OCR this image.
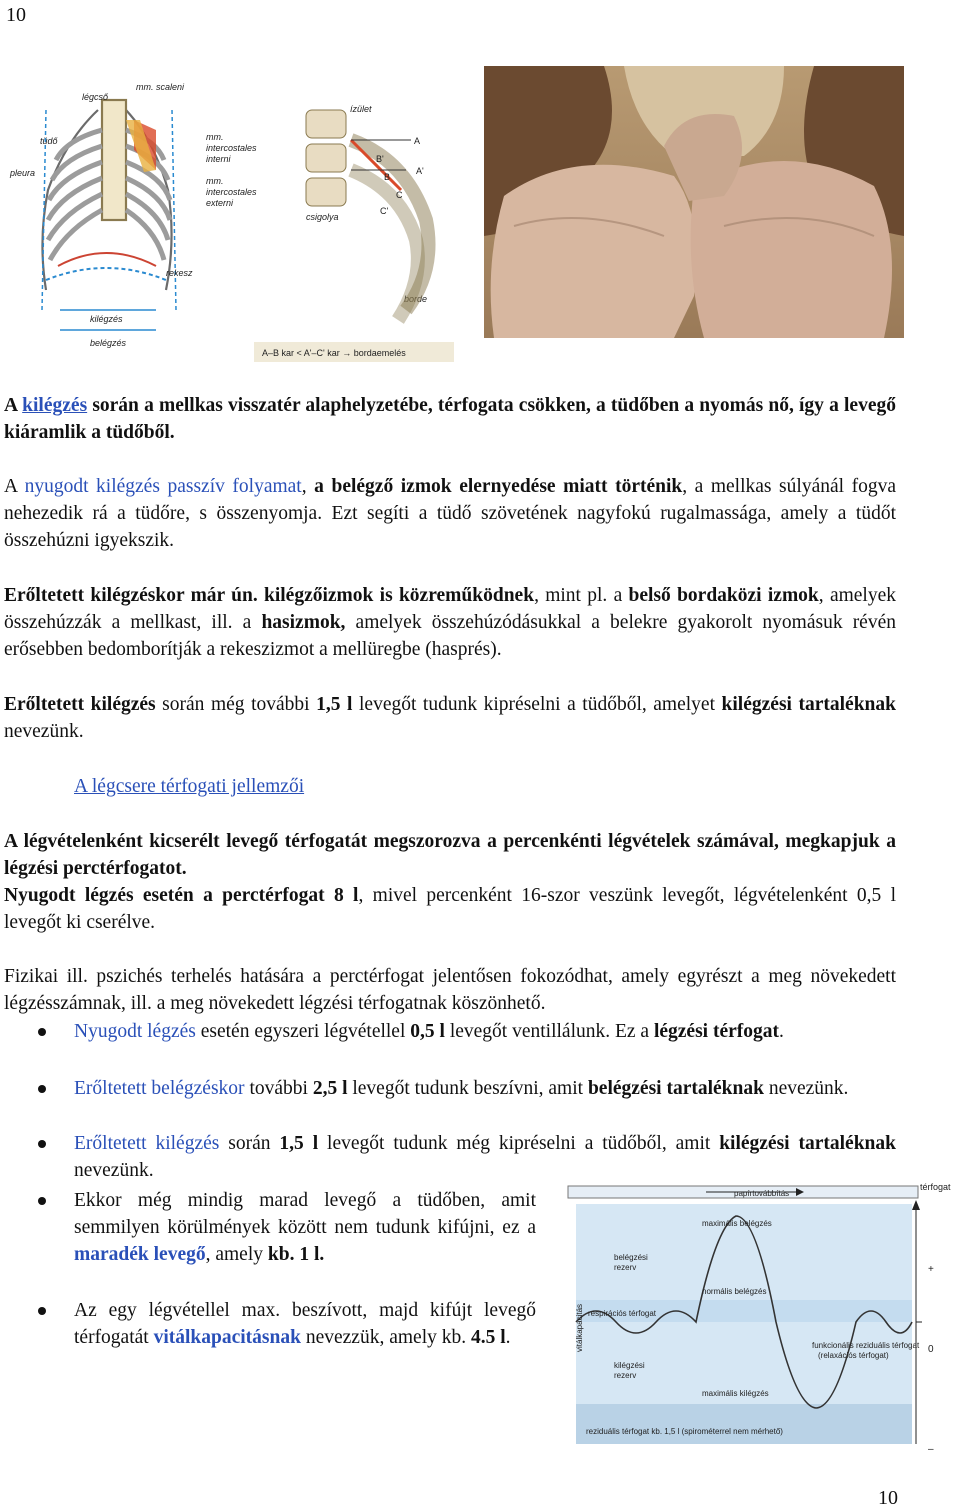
10
légcső
mm. scaleni
tüdő	mm.
intercostales
interni
pleura
mm.
intercostales
externi
rekesz
kilégzés
belégzés
ízület
csigolya
borde
A
B'
B
A'
C
C'
A–B kar < A'–C' kar → bordaemelés
A kilégzés során a mellkas visszatér alaphelyzetébe, térfogata csökken, a tüdőben a nyomás nő, így a levegő kiáramlik a tüdőből.
A nyugodt kilégzés passzív folyamat, a belégző izmok elernyedése miatt történik, a mellkas súlyánál fogva nehezedik rá a tüdőre, s összenyomja. Ezt segíti a tüdő szövetének nagyfokú rugalmassága, amely a tüdőt összehúzni igyekszik.
Erőltetett kilégzéskor már ún. kilégzőizmok is közreműködnek, mint pl. a belső bordaközi izmok, amelyek összehúzzák a mellkast, ill. a hasizmok, amelyek összehúzódásukkal a belekre gyakorolt nyomásuk révén erősebben bedomborítják a rekeszizmot a mellüregbe (hasprés).
Erőltetett kilégzés során még további 1,5 l levegőt tudunk kipréselni a tüdőből, amelyet kilégzési tartaléknak nevezünk.
A légcsere térfogati jellemzői
A légvételenként kicserélt levegő térfogatát megszorozva a percenkénti légvételek számával, megkapjuk a légzési perctérfogatot.
Nyugodt légzés esetén a perctérfogat 8 l, mivel percenként 16-szor veszünk levegőt, légvételenként 0,5 l levegőt ki cserélve.
Fizikai ill. pszichés terhelés hatására a perctérfogat jelentősen fokozódhat, amely egyrészt a meg növekedett légzésszámnak, ill. a meg növekedett légzési térfogatnak köszönhető.
Nyugodt légzés esetén egyszeri légvétellel 0,5 l levegőt ventillálunk. Ez a légzési térfogat.
Erőltetett belégzéskor további 2,5 l levegőt tudunk beszívni, amit belégzési tartaléknak nevezünk.
Erőltetett kilégzés során 1,5 l levegőt tudunk még kipréselni a tüdőből, amit kilégzési tartaléknak nevezünk.
Ekkor még mindig marad levegő a tüdőben, amit semmilyen körülmények között nem tudunk kifújni, ez a maradék levegő, amely kb. 1 l.
Az egy légvétellel max. beszívott, majd kifújt levegő térfogatát vitálkapacitásnak nevezzük, amely kb. 4.5 l.
papírtovábbítás
térfogat
+
0
–
maximális belégzés
belégzési
rezerv
normális belégzés
respirációs térfogat
funkcionális reziduális térfogat
(relaxációs térfogat)
kilégzési
rezerv
maximális kilégzés
reziduális térfogat kb. 1,5 l (spirométerrel nem mérhető)
vitálkapacitás
10
